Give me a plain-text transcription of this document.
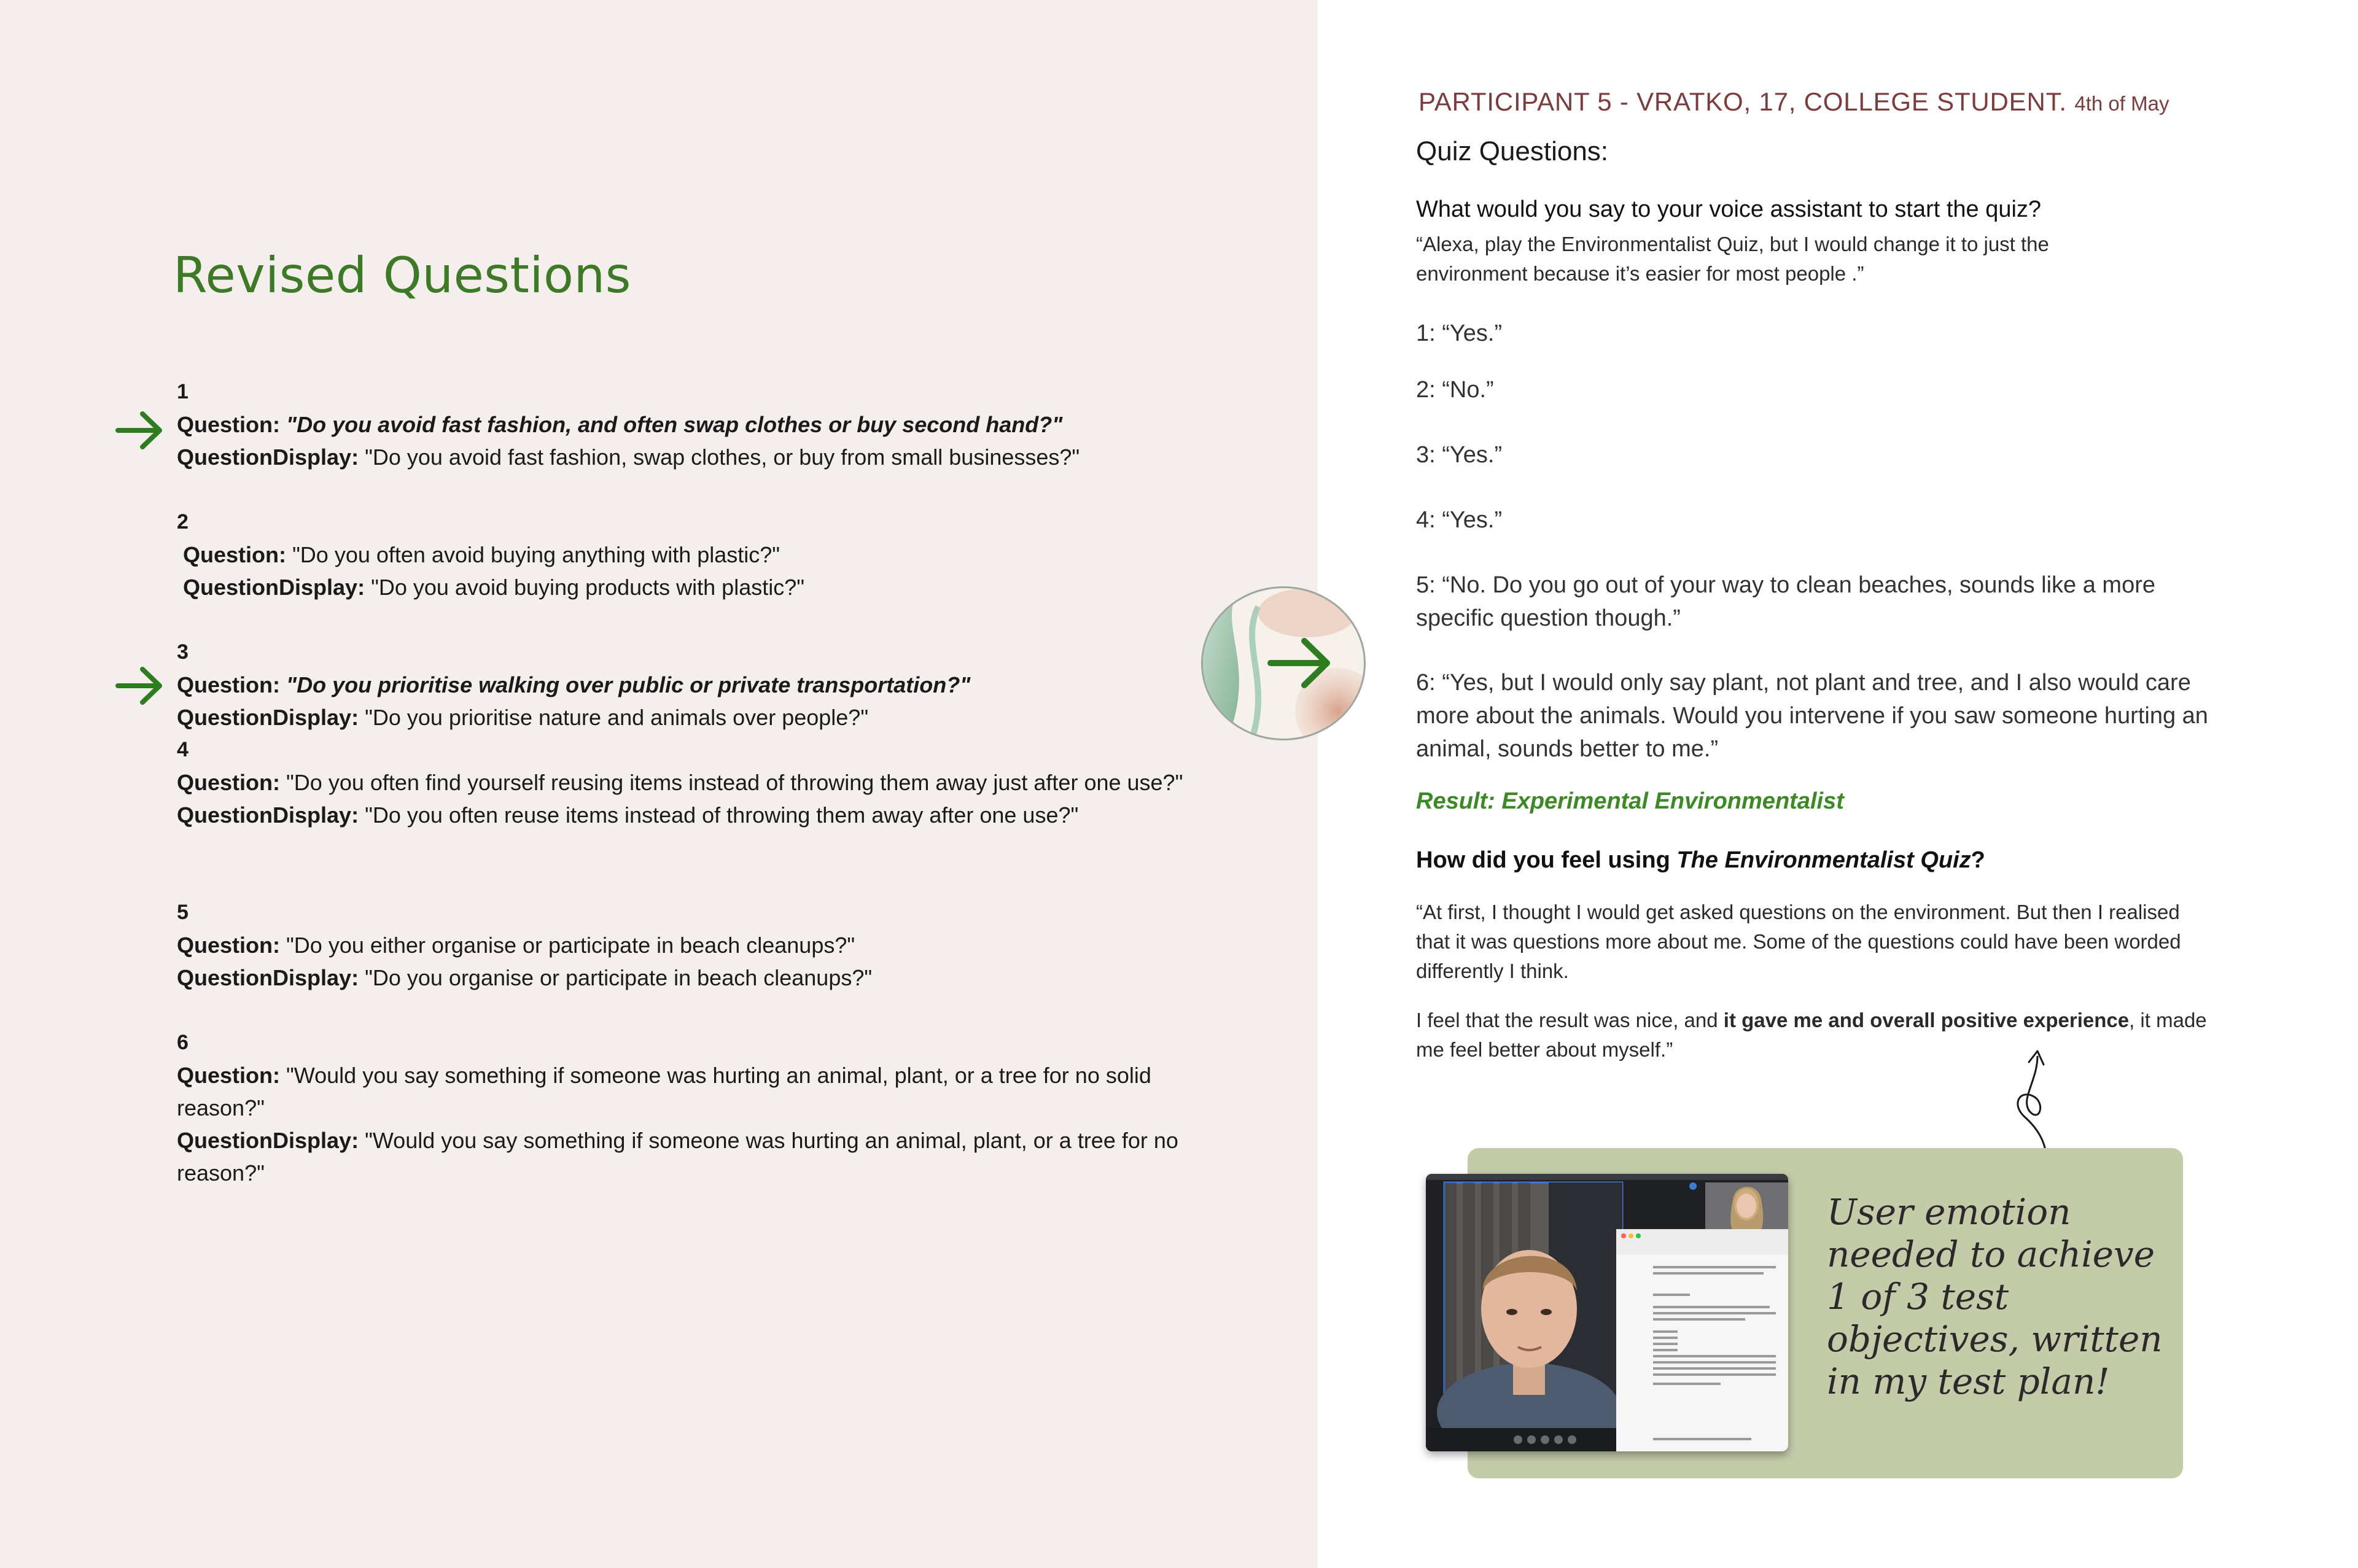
Revised Questions
1
Question: "Do you avoid fast fashion, and often swap clothes or buy second hand?"
QuestionDisplay: "Do you avoid fast fashion, swap clothes, or buy from small businesses?"
2
Question: "Do you often avoid buying anything with plastic?"
QuestionDisplay: "Do you avoid buying products with plastic?"
3
Question: "Do you prioritise walking over public or private transportation?"
QuestionDisplay: "Do you prioritise nature and animals over people?"
4
Question: "Do you often find yourself reusing items instead of throwing them away just after one use?"
QuestionDisplay: "Do you often reuse items instead of throwing them away after one use?"
5
Question: "Do you either organise or participate in beach cleanups?"
QuestionDisplay: "Do you organise or participate in beach cleanups?"
6
Question: "Would you say something if someone was hurting an animal, plant, or a tree for no solid reason?"
QuestionDisplay: "Would you say something if someone was hurting an animal, plant, or a tree for no reason?"
PARTICIPANT 5 - VRATKO, 17, COLLEGE STUDENT. 4th of May
Quiz Questions:
What would you say to your voice assistant to start the quiz?
“Alexa, play the Environmentalist Quiz, but I would change it to just the environment because it’s easier for most people .”
1: “Yes.”
2: “No.”
3: “Yes.”
4: “Yes.”
5: “No. Do you go out of your way to clean beaches, sounds like a more specific question though.”
6: “Yes, but I would only say plant, not plant and tree, and I also would care more about the animals. Would you intervene if you saw someone hurting an animal, sounds better to me.”
Result: Experimental Environmentalist
How did you feel using The Environmentalist Quiz?
“At first, I thought I would get asked questions on the environment. But then I realised that it was questions more about me. Some of the questions could have been worded differently I think.
I feel that the result was nice, and it gave me and overall positive experience, it made me feel better about myself.”
User emotion needed to achieve 1 of 3 test objectives, written in my test plan!
